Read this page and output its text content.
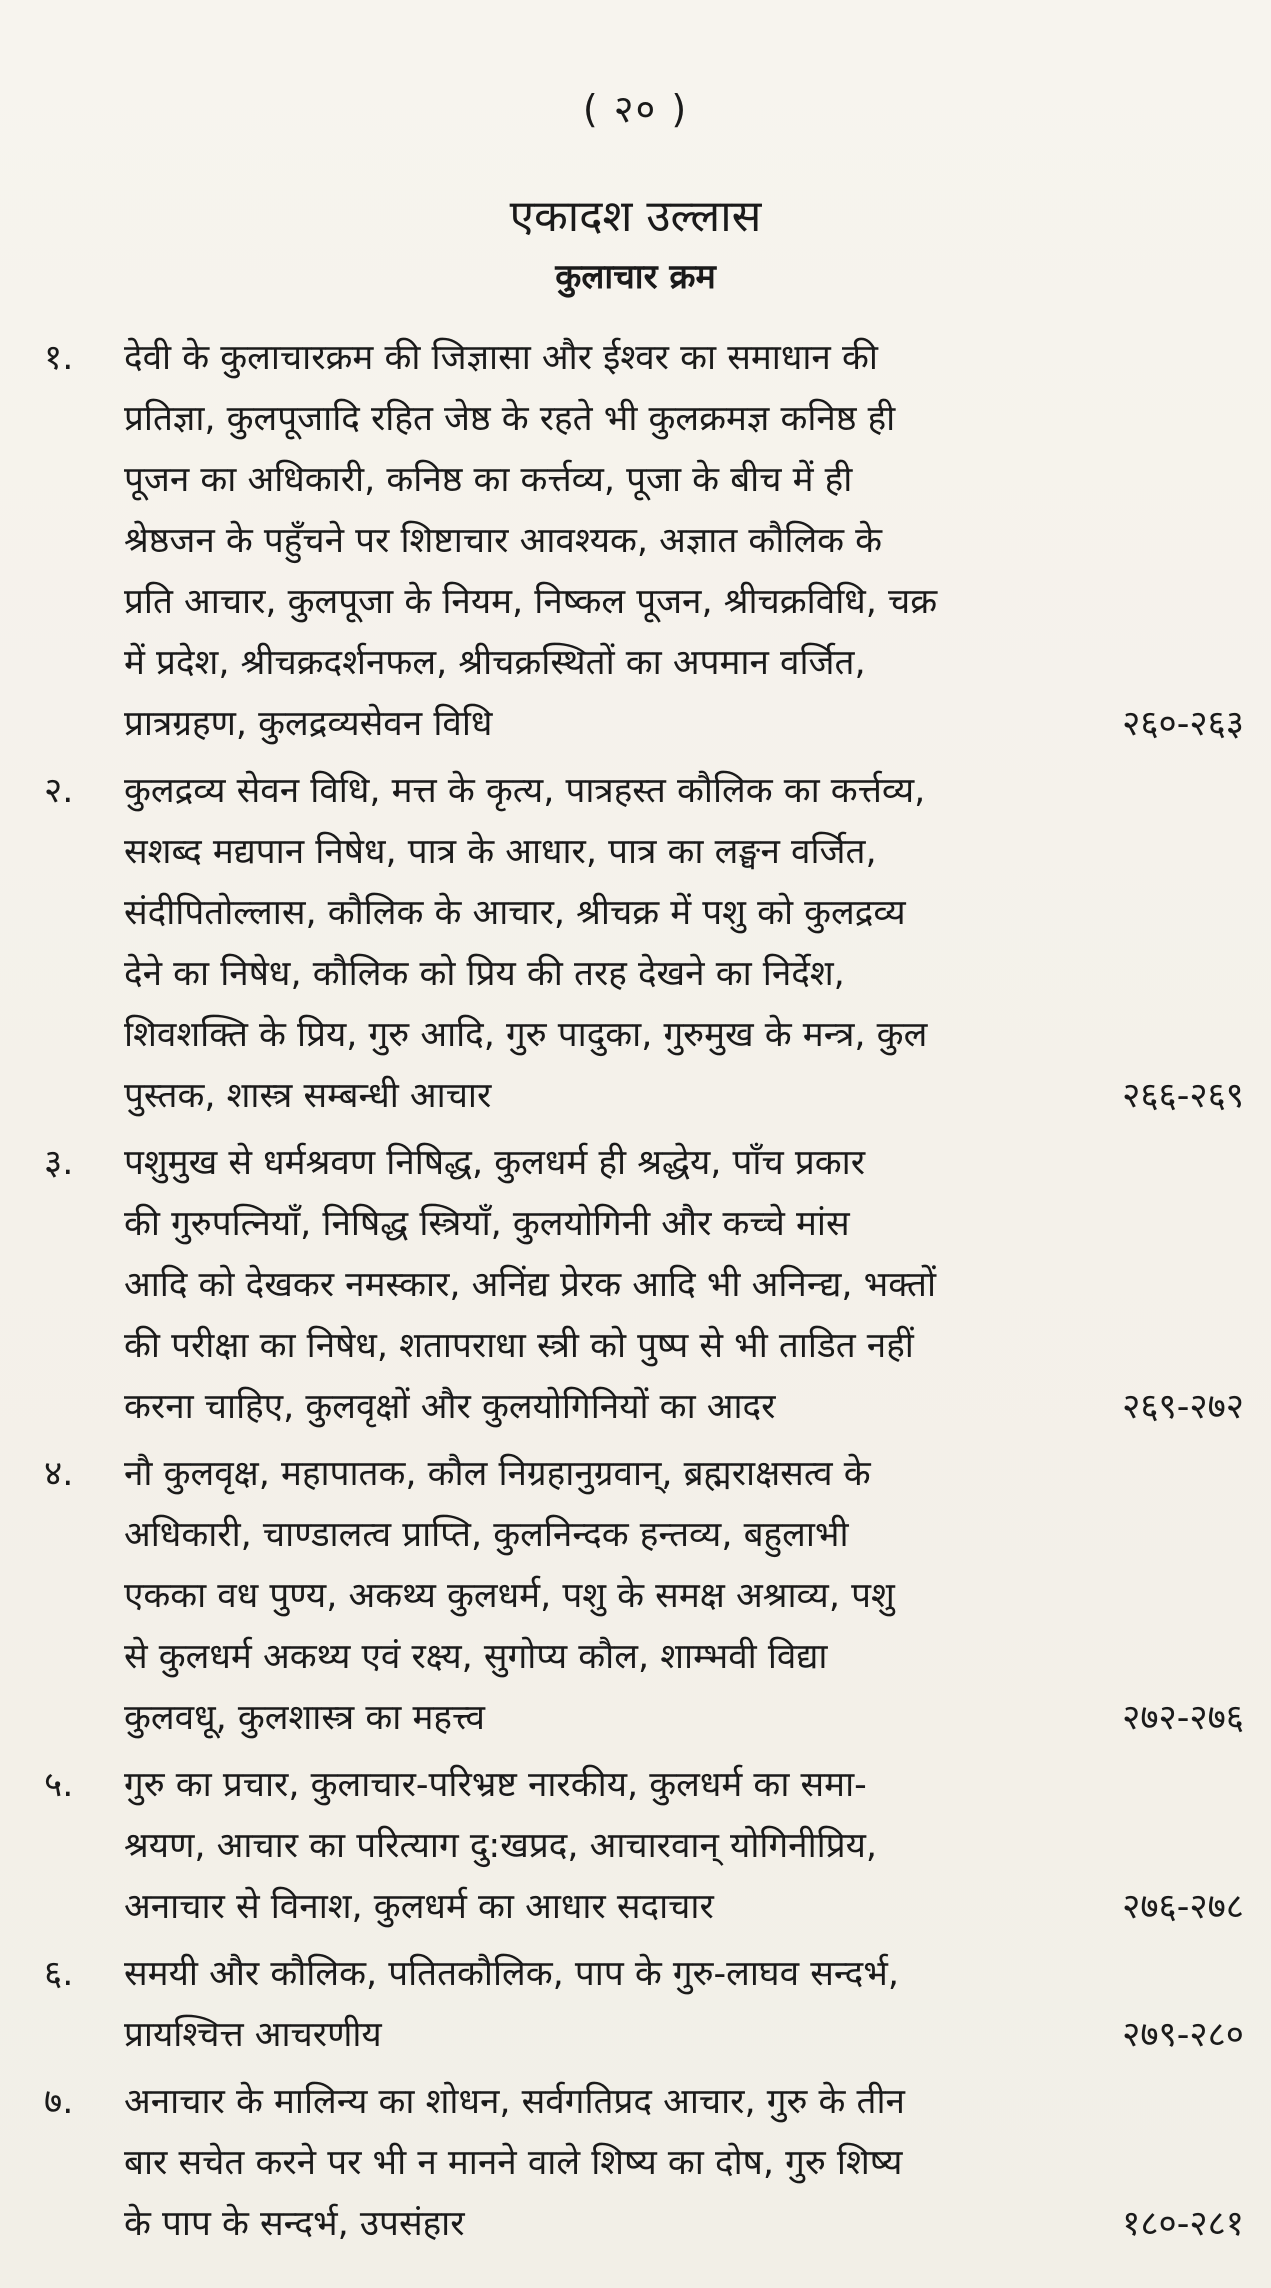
( २० )
एकादश उल्लास
कुलाचार क्रम
१.	देवी के कुलाचारक्रम की जिज्ञासा और ईश्वर का समाधान की
प्रतिज्ञा, कुलपूजादि रहित जेष्ठ के रहते भी कुलक्रमज्ञ कनिष्ठ ही
पूजन का अधिकारी, कनिष्ठ का कर्त्तव्य, पूजा के बीच में ही
श्रेष्ठजन के पहुँचने पर शिष्टाचार आवश्यक, अज्ञात कौलिक के
प्रति आचार, कुलपूजा के नियम, निष्कल पूजन, श्रीचक्रविधि, चक्र
में प्रदेश, श्रीचक्रदर्शनफल, श्रीचक्रस्थितों का अपमान वर्जित,
प्रात्रग्रहण, कुलद्रव्यसेवन विधि	२६०-२६३
२.	कुलद्रव्य सेवन विधि, मत्त के कृत्य, पात्रहस्त कौलिक का कर्त्तव्य,
सशब्द मद्यपान निषेध, पात्र के आधार, पात्र का लङ्घन वर्जित,
संदीपितोल्लास, कौलिक के आचार, श्रीचक्र में पशु को कुलद्रव्य
देने का निषेध, कौलिक को प्रिय की तरह देखने का निर्देश,
शिवशक्ति के प्रिय, गुरु आदि, गुरु पादुका, गुरुमुख के मन्त्र, कुल
पुस्तक, शास्त्र सम्बन्धी आचार	२६६-२६९
३.	पशुमुख से धर्मश्रवण निषिद्ध, कुलधर्म ही श्रद्धेय, पाँच प्रकार
की गुरुपत्नियाँ, निषिद्ध स्त्रियाँ, कुलयोगिनी और कच्चे मांस
आदि को देखकर नमस्कार, अनिंद्य प्रेरक आदि भी अनिन्द्य, भक्तों
की परीक्षा का निषेध, शतापराधा स्त्री को पुष्प से भी ताडित नहीं
करना चाहिए, कुलवृक्षों और कुलयोगिनियों का आदर	२६९-२७२
४.	नौ कुलवृक्ष, महापातक, कौल निग्रहानुग्रवान्, ब्रह्मराक्षसत्व के
अधिकारी, चाण्डालत्व प्राप्ति, कुलनिन्दक हन्तव्य, बहुलाभी
एकका वध पुण्य, अकथ्य कुलधर्म, पशु के समक्ष अश्राव्य, पशु
से कुलधर्म अकथ्य एवं रक्ष्य, सुगोप्य कौल, शाम्भवी विद्या
कुलवधू, कुलशास्त्र का महत्त्व	२७२-२७६
५.	गुरु का प्रचार, कुलाचार-परिभ्रष्ट नारकीय, कुलधर्म का समा-
श्रयण, आचार का परित्याग दु:खप्रद, आचारवान् योगिनीप्रिय,
अनाचार से विनाश, कुलधर्म का आधार सदाचार	२७६-२७८
६.	समयी और कौलिक, पतितकौलिक, पाप के गुरु-लाघव सन्दर्भ,
प्रायश्चित्त आचरणीय	२७९-२८०
७.	अनाचार के मालिन्य का शोधन, सर्वगतिप्रद आचार, गुरु के तीन
बार सचेत करने पर भी न मानने वाले शिष्य का दोष, गुरु शिष्य
के पाप के सन्दर्भ, उपसंहार	१८०-२८१
